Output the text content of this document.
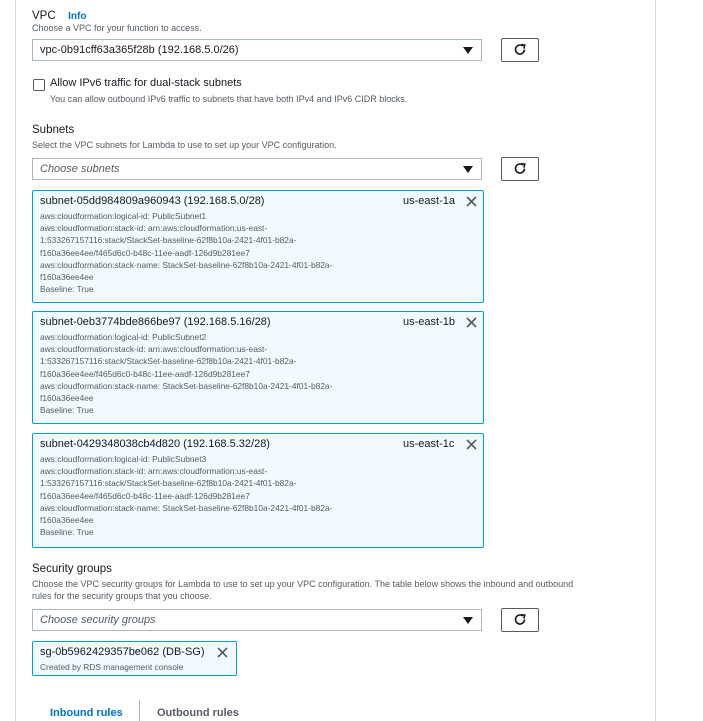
VPC Info
Choose a VPC for your function to access.
vpc-0b91cff63a365f28b (192.168.5.0/26)
Allow IPv6 traffic for dual-stack subnets
You can allow outbound IPv6 traffic to subnets that have both IPv4 and IPv6 CIDR blocks.
Subnets
Select the VPC subnets for Lambda to use to set up your VPC configuration.
Choose subnets
subnet-05dd984809a960943 (192.168.5.0/28)	us-east-1a
aws:cloudformation:logical-id: PublicSubnet1
aws:cloudformation:stack-id: arn:aws:cloudformation:us-east-
1:533267157116:stack/StackSet-baseline-62f8b10a-2421-4f01-b82a-
f160a36ee4ee/f465d6c0-b48c-11ee-aadf-126d9b281ee7
aws:cloudformation:stack-name: StackSet-baseline-62f8b10a-2421-4f01-b82a-
f160a36ee4ee
Baseline: True
subnet-0eb3774bde866be97 (192.168.5.16/28)	us-east-1b
aws:cloudformation:logical-id: PublicSubnet2
aws:cloudformation:stack-id: arn:aws:cloudformation:us-east-
1:533267157116:stack/StackSet-baseline-62f8b10a-2421-4f01-b82a-
f160a36ee4ee/f465d6c0-b48c-11ee-aadf-126d9b281ee7
aws:cloudformation:stack-name: StackSet-baseline-62f8b10a-2421-4f01-b82a-
f160a36ee4ee
Baseline: True
subnet-0429348038cb4d820 (192.168.5.32/28)	us-east-1c
aws:cloudformation:logical-id: PublicSubnet3
aws:cloudformation:stack-id: arn:aws:cloudformation:us-east-
1:533267157116:stack/StackSet-baseline-62f8b10a-2421-4f01-b82a-
f160a36ee4ee/f465d6c0-b48c-11ee-aadf-126d9b281ee7
aws:cloudformation:stack-name: StackSet-baseline-62f8b10a-2421-4f01-b82a-
f160a36ee4ee
Baseline: True
Security groups
Choose the VPC security groups for Lambda to use to set up your VPC configuration. The table below shows the inbound and outbound
rules for the security groups that you choose.
Choose security groups
sg-0b5962429357be062 (DB-SG)
Created by RDS management console
Inbound rules	Outbound rules
